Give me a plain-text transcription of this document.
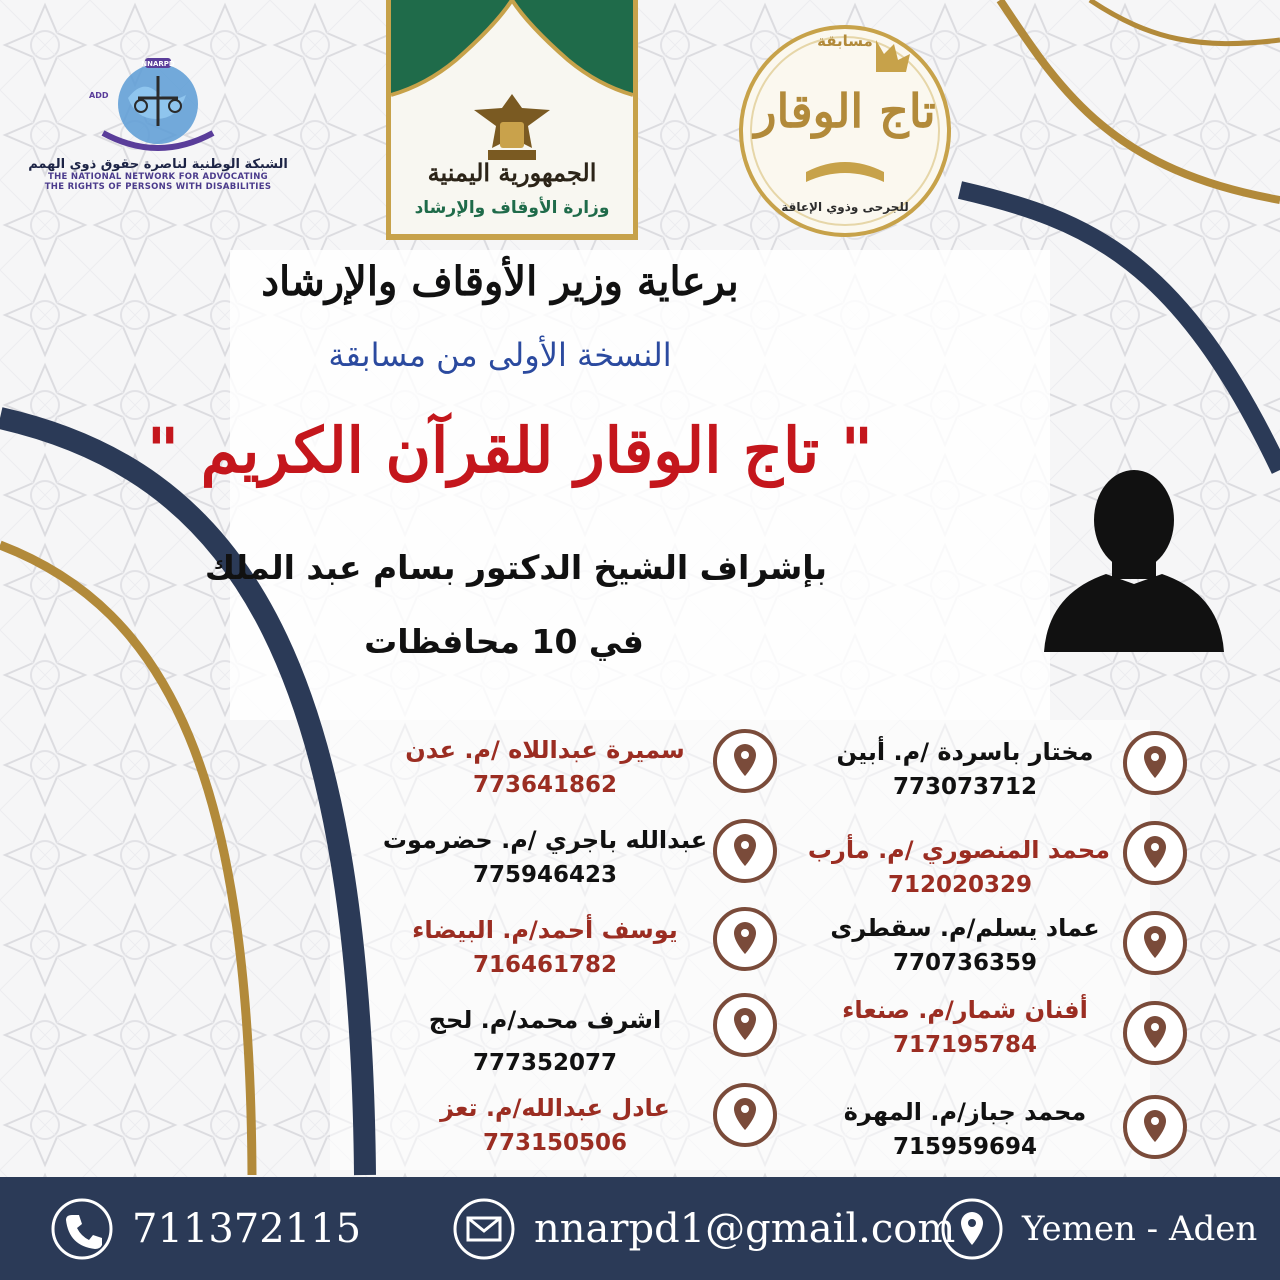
NNARPD
ADD
الشبكة الوطنية لناصرة حقوق ذوي الهمم
THE NATIONAL NETWORK FOR ADVOCATING
THE RIGHTS OF PERSONS WITH DISABILITIES	الجمهورية اليمنية
وزارة الأوقاف والإرشاد
مسابقة
تاج الوقار
للجرحى وذوي الإعاقة
برعاية وزير الأوقاف والإرشاد
النسخة الأولى من مسابقة
" تاج الوقار للقرآن الكريم "
بإشراف الشيخ الدكتور بسام عبد الملك
في 10 محافظات
مختار باسردة /م. أبين
773073712
محمد المنصوري /م. مأرب
712020329
عماد يسلم/م. سقطرى
770736359
أفنان شمار/م. صنعاء
717195784
محمد جباز/م. المهرة
715959694
سميرة عبداللاه /م. عدن
773641862
عبدالله باجري /م. حضرموت
775946423
يوسف أحمد/م. البيضاء
716461782
اشرف محمد/م. لحج
777352077
عادل عبدالله/م. تعز
773150506
711372115	nnarpd1@gmail.com Yemen - Aden
